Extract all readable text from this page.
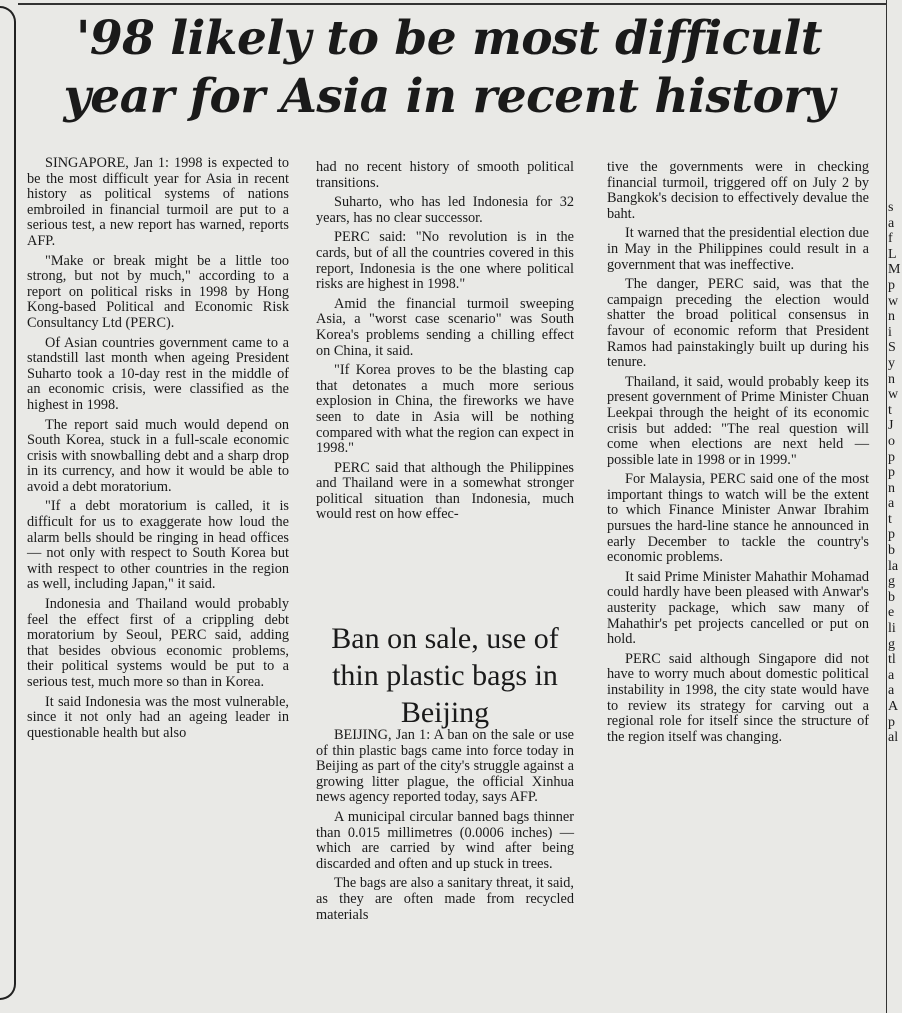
'98 likely to be most difficult
year for Asia in recent history

SINGAPORE, Jan 1: 1998 is expected to be the most difficult year for Asia in recent history as political systems of nations embroiled in financial turmoil are put to a serious test, a new report has warned, reports AFP.

"Make or break might be a little too strong, but not by much," according to a report on political risks in 1998 by Hong Kong-based Political and Economic Risk Consultancy Ltd (PERC).

Of Asian countries government came to a standstill last month when ageing President Suharto took a 10-day rest in the middle of an economic crisis, were classified as the highest in 1998.

The report said much would depend on South Korea, stuck in a full-scale economic crisis with snowballing debt and a sharp drop in its currency, and how it would be able to avoid a debt moratorium.

"If a debt moratorium is called, it is difficult for us to exaggerate how loud the alarm bells should be ringing in head offices — not only with respect to South Korea but with respect to other countries in the region as well, including Japan," it said.

Indonesia and Thailand would probably feel the effect first of a crippling debt moratorium by Seoul, PERC said, adding that besides obvious economic problems, their political systems would be put to a serious test, much more so than in Korea.

It said Indonesia was the most vulnerable, since it not only had an ageing leader in questionable health but also

had no recent history of smooth political transitions.

Suharto, who has led Indonesia for 32 years, has no clear successor.

PERC said: "No revolution is in the cards, but of all the countries covered in this report, Indonesia is the one where political risks are highest in 1998."

Amid the financial turmoil sweeping Asia, a "worst case scenario" was South Korea's problems sending a chilling effect on China, it said.

"If Korea proves to be the blasting cap that detonates a much more serious explosion in China, the fireworks we have seen to date in Asia will be nothing compared with what the region can expect in 1998."

PERC said that although the Philippines and Thailand were in a somewhat stronger political situation than Indonesia, much would rest on how effec-

Ban on sale, use of thin plastic bags in Beijing

BEIJING, Jan 1: A ban on the sale or use of thin plastic bags came into force today in Beijing as part of the city's struggle against a growing litter plague, the official Xinhua news agency reported today, says AFP.

A municipal circular banned bags thinner than 0.015 millimetres (0.0006 inches) — which are carried by wind after being discarded and often and up stuck in trees.

The bags are also a sanitary threat, it said, as they are often made from recycled materials

tive the governments were in checking financial turmoil, triggered off on July 2 by Bangkok's decision to effectively devalue the baht.

It warned that the presidential election due in May in the Philippines could result in a government that was ineffective.

The danger, PERC said, was that the campaign preceding the election would shatter the broad political consensus in favour of economic reform that President Ramos had painstakingly built up during his tenure.

Thailand, it said, would probably keep its present government of Prime Minister Chuan Leekpai through the height of its economic crisis but added: "The real question will come when elections are next held — possible late in 1998 or in 1999."

For Malaysia, PERC said one of the most important things to watch will be the extent to which Finance Minister Anwar Ibrahim pursues the hard-line stance he announced in early December to tackle the country's economic problems.

It said Prime Minister Mahathir Mohamad could hardly have been pleased with Anwar's austerity package, which saw many of Mahathir's pet projects cancelled or put on hold.

PERC said although Singapore did not have to worry much about domestic political instability in 1998, the city state would have to review its strategy for carving out a regional role for itself since the structure of the region itself was changing.

s
a
f
L
M
p
w
n
i
S
y
n
w
t
J
o
p
p
n
a
t
p
b
la
g
b
e
li
g
tl
a
a
A
p
al
